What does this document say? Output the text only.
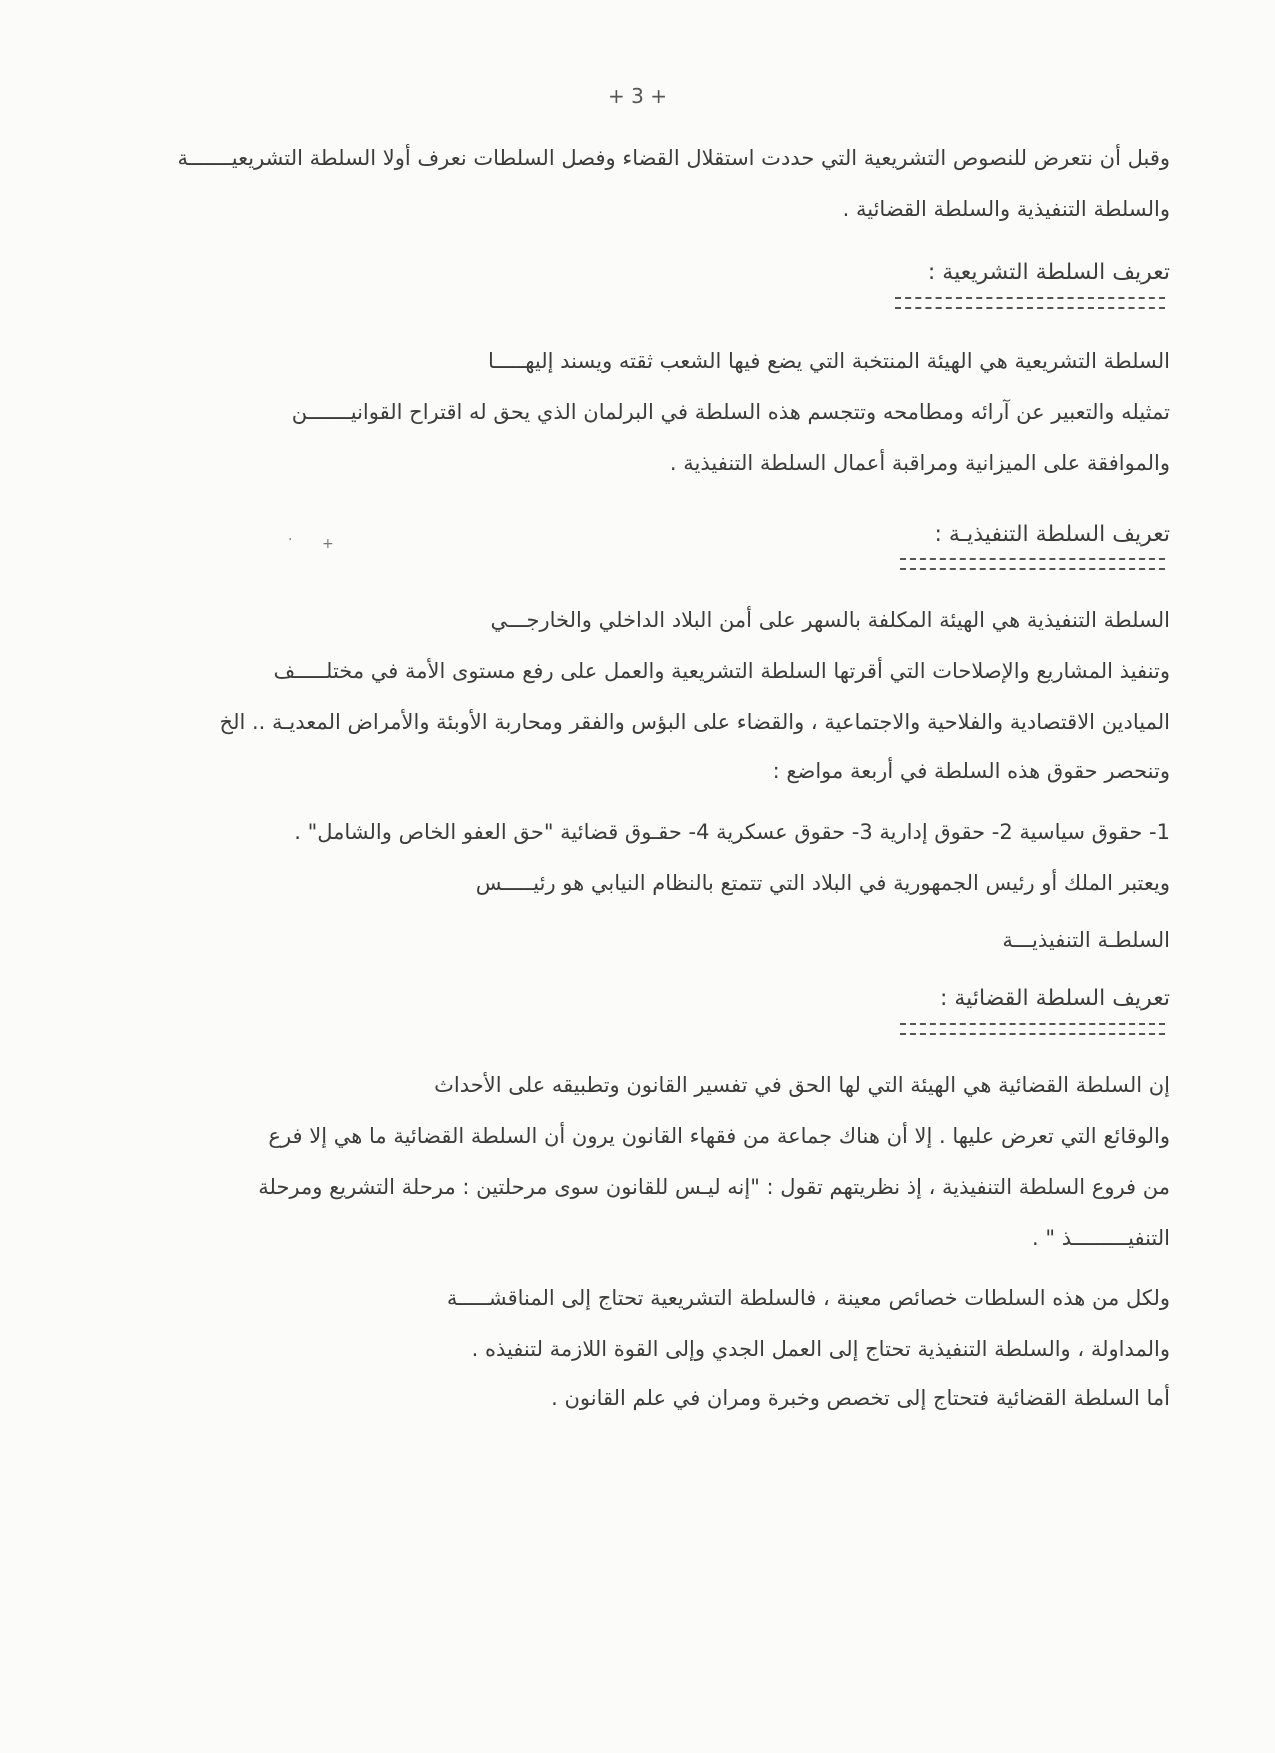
+ 3 +
وقبل أن نتعرض للنصوص التشريعية التي حددت استقلال القضاء وفصل السلطات نعرف أولا السلطة التشريعيـــــــة
والسلطة التنفيذية والسلطة القضائية .
تعريف السلطة التشريعية :
السلطة التشريعية هي الهيئة المنتخبة التي يضع فيها الشعب ثقته ويسند إليهـــــا
تمثيله والتعبير عن آرائه ومطامحه وتتجسم هذه السلطة في البرلمان الذي يحق له اقتراح القوانيـــــــن
والموافقة على الميزانية ومراقبة أعمال السلطة التنفيذية .
· +	تعريف السلطة التنفيذيـة :
السلطة التنفيذية هي الهيئة المكلفة بالسهر على أمن البلاد الداخلي والخارجـــي
وتنفيذ المشاريع والإصلاحات التي أقرتها السلطة التشريعية والعمل على رفع مستوى الأمة في مختلـــــف
الميادين الاقتصادية والفلاحية والاجتماعية ، والقضاء على البؤس والفقر ومحاربة الأوبئة والأمراض المعديـة .. الخ
وتنحصر حقوق هذه السلطة في أربعة مواضع :
1- حقوق سياسية 2- حقوق إدارية 3- حقوق عسكرية 4- حقـوق قضائية "حق العفو الخاص والشامل" .
ويعتبر الملك أو رئيس الجمهورية في البلاد التي تتمتع بالنظام النيابي هو رئيـــــس
السلطـة التنفيذيـــة
تعريف السلطة القضائية :
إن السلطة القضائية هي الهيئة التي لها الحق في تفسير القانون وتطبيقه على الأحداث
والوقائع التي تعرض عليها . إلا أن هناك جماعة من فقهاء القانون يرون أن السلطة القضائية ما هي إلا فرع
من فروع السلطة التنفيذية ، إذ نظريتهم تقول : "إنه ليـس للقانون سوى مرحلتين : مرحلة التشريع ومرحلة
التنفيـــــــــذ " .
ولكل من هذه السلطات خصائص معينة ، فالسلطة التشريعية تحتاج إلى المناقشـــــة
والمداولة ، والسلطة التنفيذية تحتاج إلى العمل الجدي وإلى القوة اللازمة لتنفيذه .
أما السلطة القضائية فتحتاج إلى تخصص وخبرة ومران في علم القانون .
